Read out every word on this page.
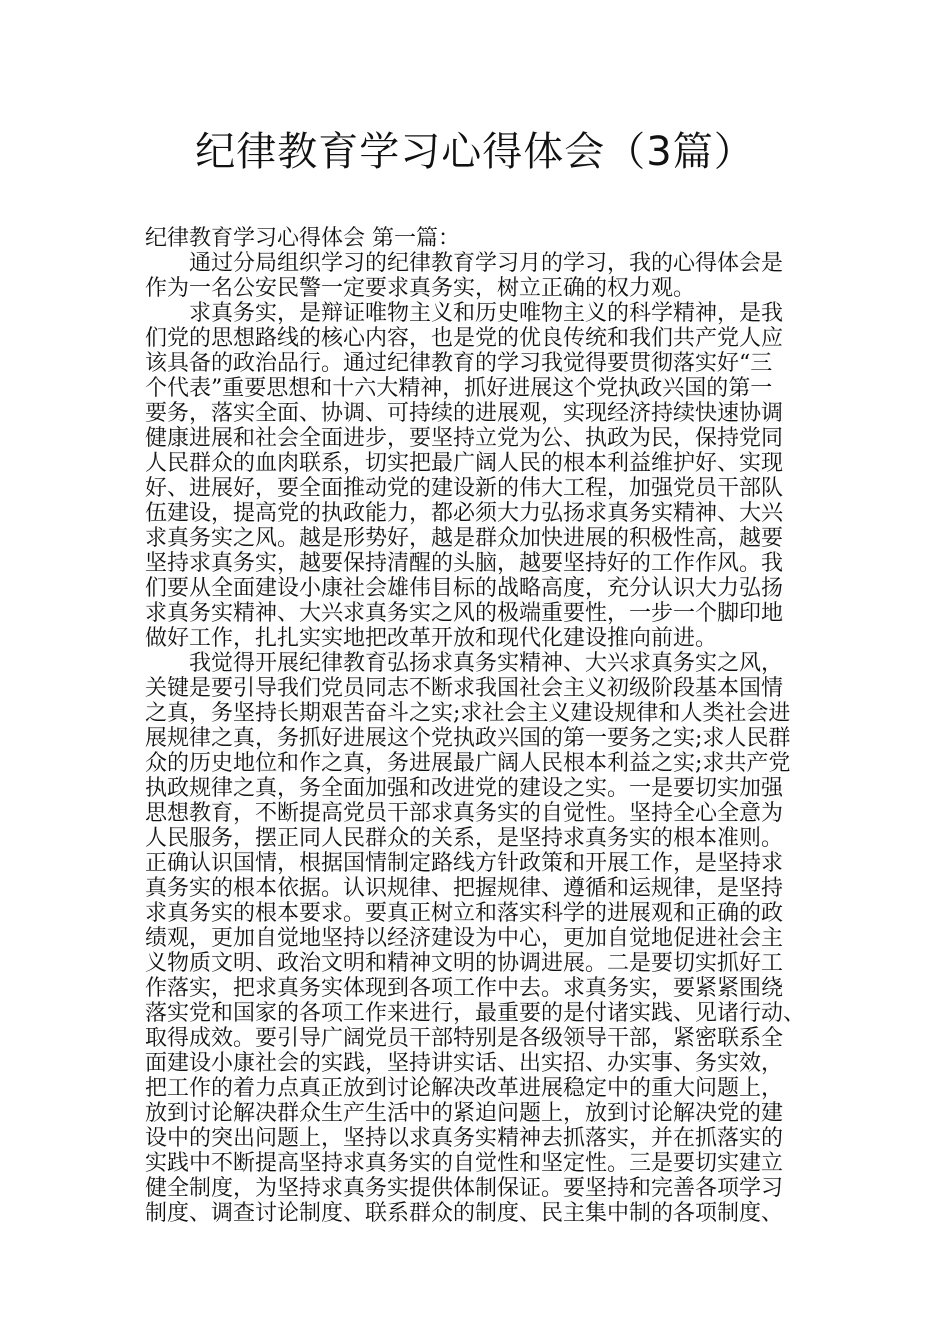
纪律教育学习心得体会（3篇）
纪律教育学习心得体会 第一篇：
通过分局组织学习的纪律教育学习月的学习，我的心得体会是
作为一名公安民警一定要求真务实，树立正确的权力观。
求真务实，是辩证唯物主义和历史唯物主义的科学精神，是我
们党的思想路线的核心内容，也是党的优良传统和我们共产党人应
该具备的政治品行。通过纪律教育的学习我觉得要贯彻落实好“三
个代表”重要思想和十六大精神，抓好进展这个党执政兴国的第一
要务，落实全面、协调、可持续的进展观，实现经济持续快速协调
健康进展和社会全面进步，要坚持立党为公、执政为民，保持党同
人民群众的血肉联系，切实把最广阔人民的根本利益维护好、实现
好、进展好，要全面推动党的建设新的伟大工程，加强党员干部队
伍建设，提高党的执政能力，都必须大力弘扬求真务实精神、大兴
求真务实之风。越是形势好，越是群众加快进展的积极性高，越要
坚持求真务实，越要保持清醒的头脑，越要坚持好的工作作风。我
们要从全面建设小康社会雄伟目标的战略高度，充分认识大力弘扬
求真务实精神、大兴求真务实之风的极端重要性，一步一个脚印地
做好工作，扎扎实实地把改革开放和现代化建设推向前进。
我觉得开展纪律教育弘扬求真务实精神、大兴求真务实之风，
关键是要引导我们党员同志不断求我国社会主义初级阶段基本国情
之真，务坚持长期艰苦奋斗之实;求社会主义建设规律和人类社会进
展规律之真，务抓好进展这个党执政兴国的第一要务之实;求人民群
众的历史地位和作之真，务进展最广阔人民根本利益之实;求共产党
执政规律之真，务全面加强和改进党的建设之实。一是要切实加强
思想教育，不断提高党员干部求真务实的自觉性。坚持全心全意为
人民服务，摆正同人民群众的关系，是坚持求真务实的根本准则。
正确认识国情，根据国情制定路线方针政策和开展工作，是坚持求
真务实的根本依据。认识规律、把握规律、遵循和运规律，是坚持
求真务实的根本要求。要真正树立和落实科学的进展观和正确的政
绩观，更加自觉地坚持以经济建设为中心，更加自觉地促进社会主
义物质文明、政治文明和精神文明的协调进展。二是要切实抓好工
作落实，把求真务实体现到各项工作中去。求真务实，要紧紧围绕
落实党和国家的各项工作来进行，最重要的是付诸实践、见诸行动、
取得成效。要引导广阔党员干部特别是各级领导干部，紧密联系全
面建设小康社会的实践，坚持讲实话、出实招、办实事、务实效，
把工作的着力点真正放到讨论解决改革进展稳定中的重大问题上，
放到讨论解决群众生产生活中的紧迫问题上，放到讨论解决党的建
设中的突出问题上，坚持以求真务实精神去抓落实，并在抓落实的
实践中不断提高坚持求真务实的自觉性和坚定性。三是要切实建立
健全制度，为坚持求真务实提供体制保证。要坚持和完善各项学习
制度、调查讨论制度、联系群众的制度、民主集中制的各项制度、
